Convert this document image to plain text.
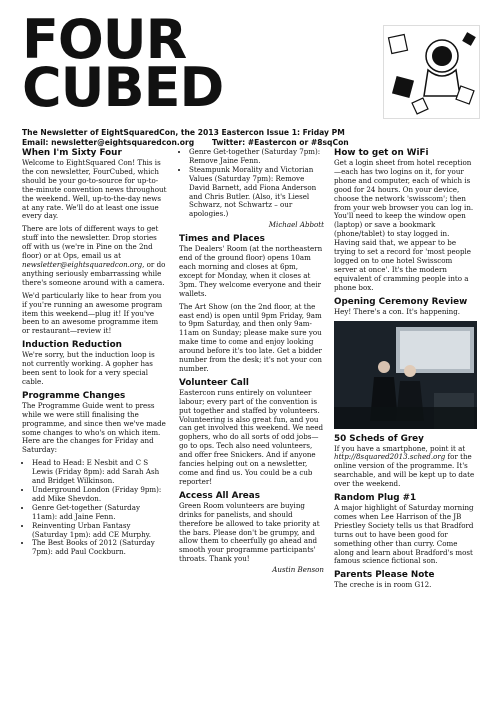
FOUR
CUBED
The Newsletter of EightSquaredCon, the 2013 Eastercon Issue 1: Friday PM
Email: newsletter@eightsquaredcon.org	Twitter: #Eastercon or #8sqCon
When I'm Sixty Four

Welcome to EightSquared Con! This is the con newsletter, FourCubed, which should be your go-to-source for up-to-the-minute convention news throughout the weekend. Well, up-to-the-day news at any rate. We'll do at least one issue every day.

There are lots of different ways to get stuff into the newsletter. Drop stories off with us (we're in Pine on the 2nd floor) or at Ops, email us at newsletter@eightsquaredcon.org, or do anything seriously embarrassing while there's someone around with a camera.

We'd particularly like to hear from you if you're running an awesome program item this weekend—plug it! If you've been to an awesome programme item or restaurant—review it!

Induction Reduction

We're sorry, but the induction loop is not currently working. A gopher has been sent to look for a very special cable.

Programme Changes

The Programme Guide went to press while we were still finalising the programme, and since then we've made some changes to who's on which item. Here are the changes for Friday and Saturday:

• Head to Head: E Nesbit and C S Lewis (Friday 8pm): add Sarah Ash and Bridget Wilkinson.
• Underground London (Friday 9pm): add Mike Shevdon.
• Genre Get-together (Saturday 11am): add Jaine Fenn.
• Reinventing Urban Fantasy (Saturday 1pm): add CE Murphy.
• The Best Books of 2012 (Saturday 7pm): add Paul Cockburn.
• Genre Get-together (Saturday 7pm): Remove Jaine Fenn.
• Steampunk Morality and Victorian Values (Saturday 7pm): Remove David Barnett, add Fiona Anderson and Chris Butler. (Also, it's Liesel Schwarz, not Schwartz – our apologies.)

Michael Abbott

Times and Places

The Dealers' Room (at the northeastern end of the ground floor) opens 10am each morning and closes at 6pm, except for Monday, when it closes at 3pm. They welcome everyone and their wallets.

The Art Show (on the 2nd floor, at the east end) is open until 9pm Friday, 9am to 9pm Saturday, and then only 9am-11am on Sunday; please make sure you make time to come and enjoy looking around before it's too late. Get a bidder number from the desk; it's not your con number.

Volunteer Call

Eastercon runs entirely on volunteer labour; every part of the convention is put together and staffed by volunteers. Volunteering is also great fun, and you can get involved this weekend. We need gophers, who do all sorts of odd jobs—go to ops. Tech also need volunteers, and offer free Snickers. And if anyone fancies helping out on a newsletter, come and find us. You could be a cub reporter!

Access All Areas

Green Room volunteers are buying drinks for panelists, and should therefore be allowed to take priority at the bars. Please don't be grumpy, and allow them to cheerfully go ahead and smooth your programme participants' throats. Thank you!

Austin Benson

How to get on WiFi

Get a login sheet from hotel reception—each has two logins on it, for your phone and computer, each of which is good for 24 hours. On your device, choose the network 'swisscom'; then from your web browser you can log in. You'll need to keep the window open (laptop) or save a bookmark (phone/tablet) to stay logged in. Having said that, we appear to be trying to set a record for 'most people logged on to one hotel Swisscom server at once'. It's the modern equivalent of cramming people into a phone box.

Opening Ceremony Review

Hey! There's a con. It's happening.

50 Scheds of Grey

If you have a smartphone, point it at http://8squared2013.sched.org for the online version of the programme. It's searchable, and will be kept up to date over the weekend.

Random Plug #1

A major highlight of Saturday morning comes when Lee Harrison of the JB Priestley Society tells us that Bradford turns out to have been good for something other than curry. Come along and learn about Bradford's most famous science fictional son.

Parents Please Note

The creche is in room G12.
